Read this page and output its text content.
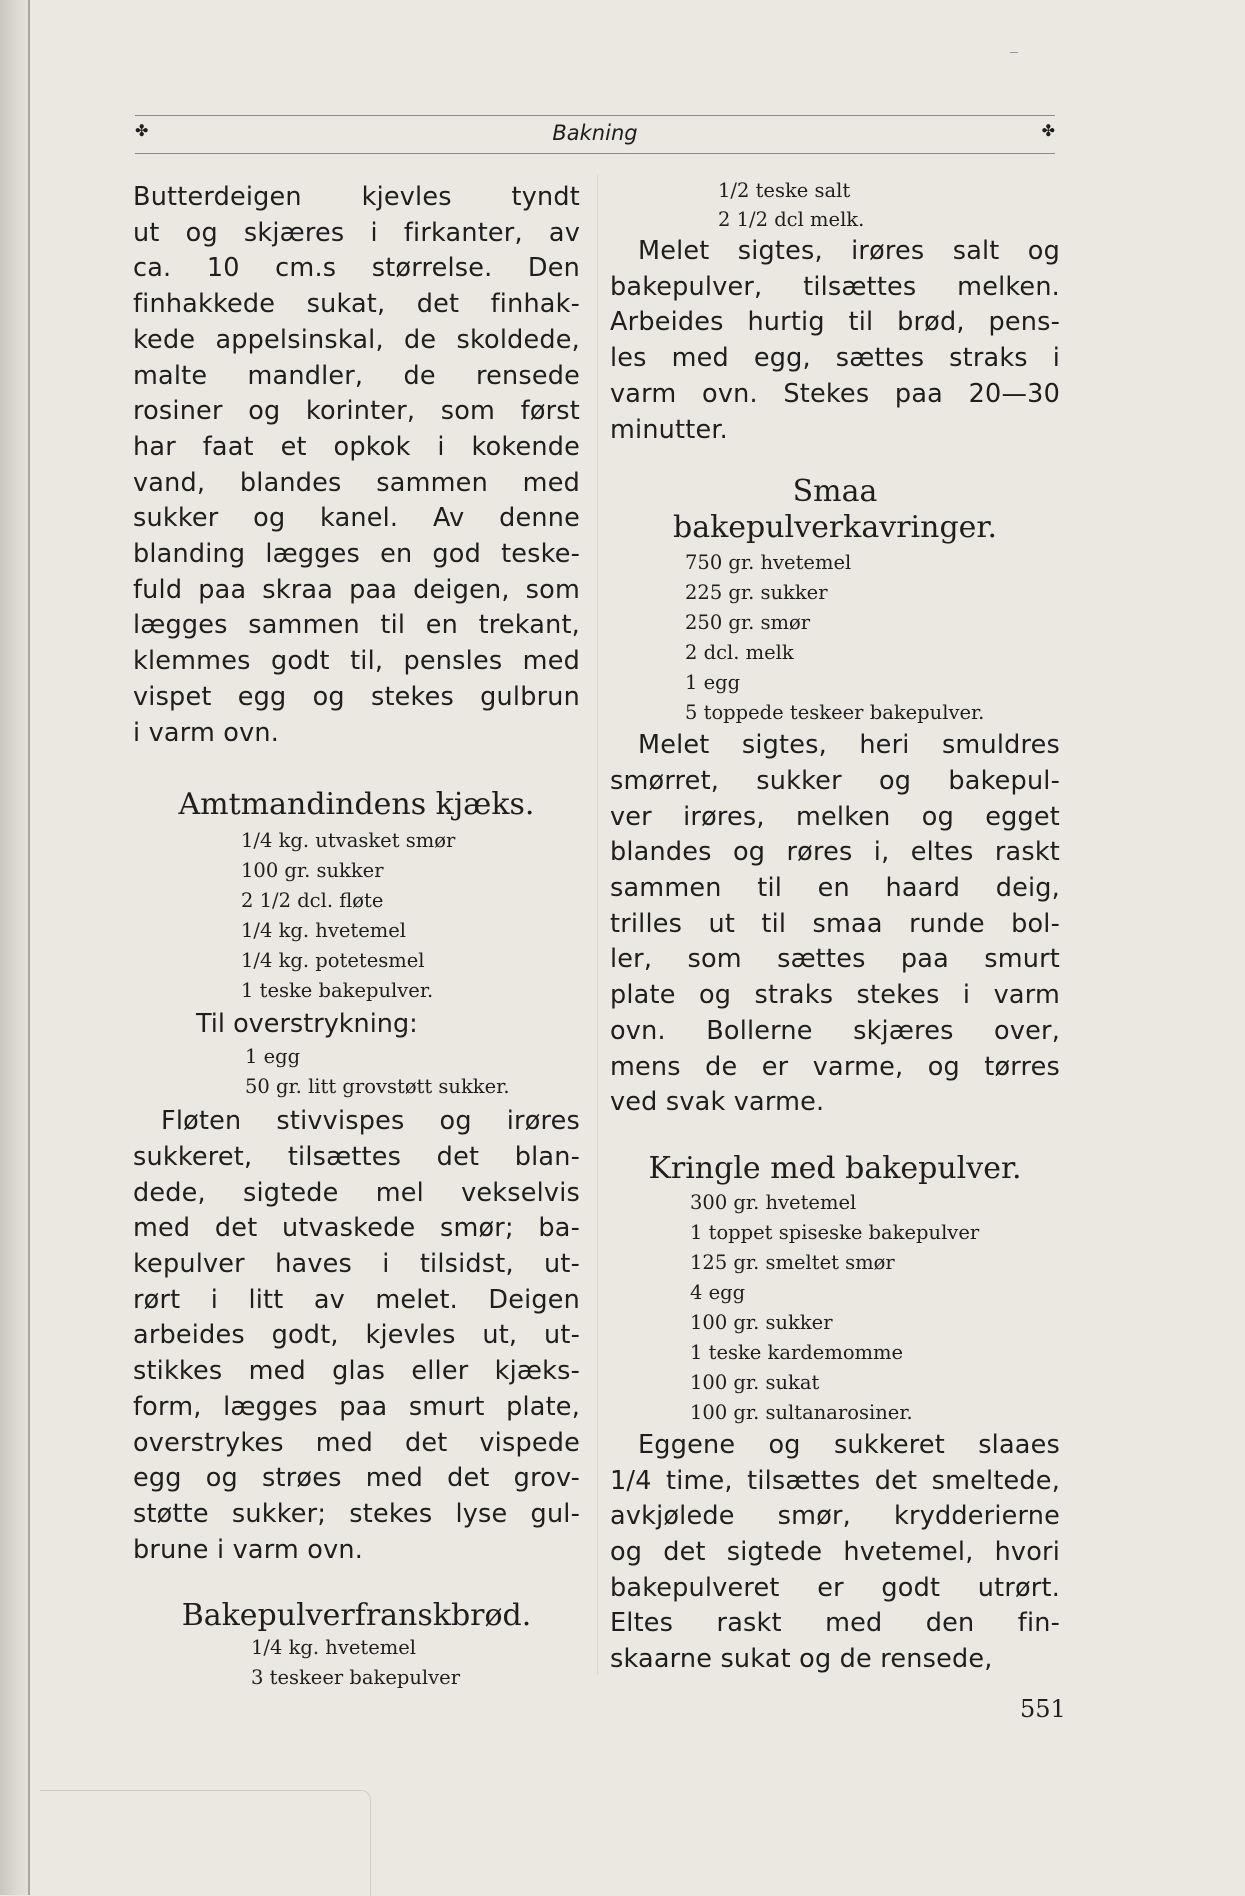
✤	Bakning	✤

Butterdeigen kjevles tyndt
ut og skjæres i firkanter, av
ca. 10 cm.s størrelse. Den
finhakkede sukat, det finhak-
kede appelsinskal, de skoldede,
malte mandler, de rensede
rosiner og korinter, som først
har faat et opkok i kokende
vand, blandes sammen med
sukker og kanel. Av denne
blanding lægges en god teske-
fuld paa skraa paa deigen, som
lægges sammen til en trekant,
klemmes godt til, pensles med
vispet egg og stekes gulbrun
i varm ovn.

Amtmandindens kjæks.
1/4 kg. utvasket smør
100 gr. sukker
2 1/2 dcl. fløte
1/4 kg. hvetemel
1/4 kg. potetesmel
1 teske bakepulver.
Til overstrykning:
1 egg
50 gr. litt grovstøtt sukker.

Fløten stivvispes og irøres
sukkeret, tilsættes det blan-
dede, sigtede mel vekselvis
med det utvaskede smør; ba-
kepulver haves i tilsidst, ut-
rørt i litt av melet. Deigen
arbeides godt, kjevles ut, ut-
stikkes med glas eller kjæks-
form, lægges paa smurt plate,
overstrykes med det vispede
egg og strøes med det grov-
støtte sukker; stekes lyse gul-
brune i varm ovn.

Bakepulverfranskbrød.
1/4 kg. hvetemel
3 teskeer bakepulver
1/2 teske salt
2 1/2 dcl melk.

Melet sigtes, irøres salt og
bakepulver, tilsættes melken.
Arbeides hurtig til brød, pens-
les med egg, sættes straks i
varm ovn. Stekes paa 20—30
minutter.

Smaa
bakepulverkavringer.
750 gr. hvetemel
225 gr. sukker
250 gr. smør
2 dcl. melk
1 egg
5 toppede teskeer bakepulver.

Melet sigtes, heri smuldres
smørret, sukker og bakepul-
ver irøres, melken og egget
blandes og røres i, eltes raskt
sammen til en haard deig,
trilles ut til smaa runde bol-
ler, som sættes paa smurt
plate og straks stekes i varm
ovn. Bollerne skjæres over,
mens de er varme, og tørres
ved svak varme.

Kringle med bakepulver.
300 gr. hvetemel
1 toppet spiseske bakepulver
125 gr. smeltet smør
4 egg
100 gr. sukker
1 teske kardemomme
100 gr. sukat
100 gr. sultanarosiner.

Eggene og sukkeret slaaes
1/4 time, tilsættes det smeltede,
avkjølede smør, krydderierne
og det sigtede hvetemel, hvori
bakepulveret er godt utrørt.
Eltes raskt med den fin-
skaarne sukat og de rensede,

551
